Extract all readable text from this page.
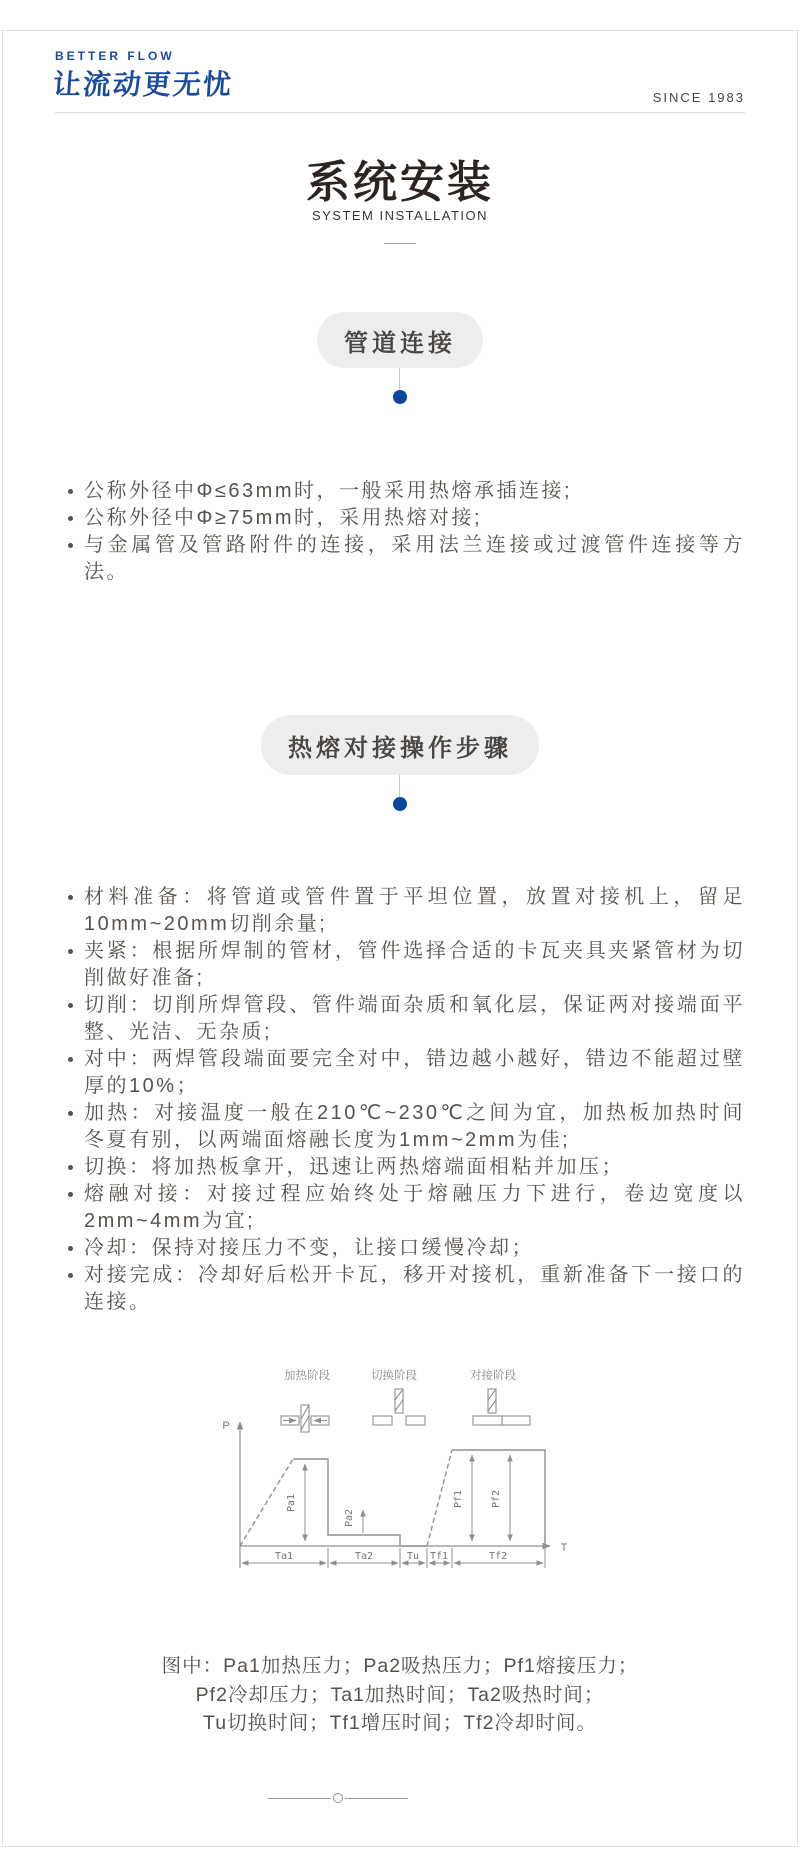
BETTER FLOW
让流动更无忧	SINCE 1983
系统安装
SYSTEM INSTALLATION
管道连接
公称外径中Φ≤63mm时，一般采用热熔承插连接;
公称外径中Φ≥75mm时，采用热熔对接;
与金属管及管路附件的连接，采用法兰连接或过渡管件连接等方法。
热熔对接操作步骤
材料准备：将管道或管件置于平坦位置，放置对接机上，留足10mm~20mm切削余量;
夹紧：根据所焊制的管材，管件选择合适的卡瓦夹具夹紧管材为切削做好准备;
切削：切削所焊管段、管件端面杂质和氧化层，保证两对接端面平整、光洁、无杂质;
对中：两焊管段端面要完全对中，错边越小越好，错边不能超过壁厚的10%；
加热：对接温度一般在210℃~230℃之间为宜，加热板加热时间冬夏有别，以两端面熔融长度为1mm~2mm为佳;
切换：将加热板拿开，迅速让两热熔端面相粘并加压；
熔融对接：对接过程应始终处于熔融压力下进行，卷边宽度以2mm~4mm为宜;
冷却：保持对接压力不变，让接口缓慢冷却；
对接完成：冷却好后松开卡瓦，移开对接机，重新准备下一接口的连接。
加热阶段	切换阶段	对接阶段
P
T
Pa1
Pa2
Pf1	Pf2
Ta1	Ta2	Tu Tf1	Tf2
图中：Pa1加热压力；Pa2吸热压力；Pf1熔接压力；
Pf2冷却压力；Ta1加热时间；Ta2吸热时间；
Tu切换时间；Tf1增压时间；Tf2冷却时间。
